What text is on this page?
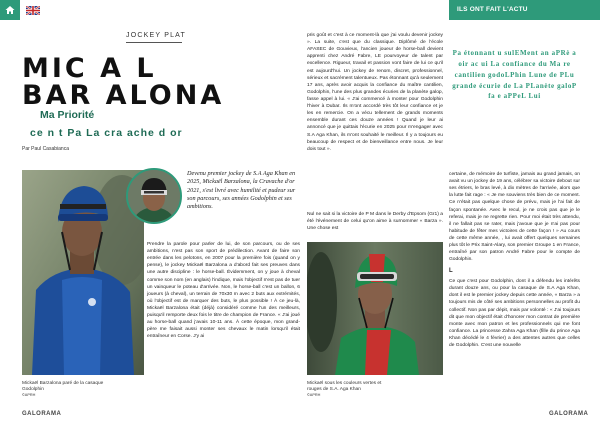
ILS ONT FAIT L'ACTU
JOCKEY PLAT
MIC A L
BAR ALONA
Ma Priorité
ce n t Pa La cra ache d or
Par Paul Casabianca
Mickaël Barzalona paré de la casaque Godolphin
©APRH
Devenu premier jockey de S.A Aga Khan en 2025, Mickaël Barzalona, la Cravache d'or 2021, s'est livré avec humilité et pudeur sur son parcours, ses années Godolphin et ses ambitions.
Prendre la parole pour parler de lui, de son parcours, ou de ses ambitions, n'est pas son sport de prédilection. Avant de faire son entrée dans les pelotons, en 2007 pour la première fois (quand on y pense), le jockey Mickaël Barzalona a d'abord fait ses preuves dans une autre discipline : le horse-ball. Évidemment, on y joue à cheval comme son nom (en anglais) l'indique, mais l'objectif n'est pas de tuer un vainqueur le poteau d'arrivée. Non, le horse-ball c'est un ballon, 6 joueurs (à cheval), un terrain de 70x30 m avec 2 buts aux extrémités, où l'objectif est de marquer des buts, le plus possible ! À ce jeu-là, Mickaël Barzalona était (déjà) considéré comme l'un des meilleurs, puisqu'il remporte deux fois le titre de champion de France. « J'ai joué au horse-ball quand j'avais 10-11 ans. À cette époque, mon grand-père me faisait aussi monter ses chevaux le matin lorsqu'il était entraîneur en Corse. J'y ai
GALORAMA
pris goût et c'est à ce moment-là que j'ai voulu devenir jockey ». La suite, c'est que du classique. Diplômé de l'école AFASEC de Gouvieux, l'ancien joueur de horse-ball devient apprenti chez André Fabre, LE pourvoyeur de talent par excellence. Rigueur, travail et passion vont faire de lui ce qu'il est aujourd'hui. Un jockey de renom, discret, professionnel, sérieux et sacrément talentueux. Pas étonnant qu'à seulement 17 ans, après avoir acquis la confiance du maître cantilien, Godolphin, l'une des plus grandes écuries de la planète galop, fasse appel à lui. « J'ai commencé à monter pour Godolphin l'hiver à Dubaï. Ils m'ont accordé très tôt leur confiance et je les en remercie. On a vécu tellement de grands moments ensemble durant ces douze années ! Quand je leur ai annoncé que je quittais l'écurie en 2025 pour m'engager avec S.A Aga Khan, ils m'ont souhaité le meilleur. Il y a toujours eu beaucoup de respect et de bienveillance entre nous. Je leur dois tout ».
Nul ne sait si la victoire de P M dans le Derby d'Epsom (Gr1) a été l'événement de celui qu'on aime à surnommer « Barza ». Une chose est
Pa étonnant u sulEMent an aPRè a oir ac ui La confiance du Ma re cantilien godoLPhin Lune de PLu grande écurie de La PLanète galoP fa e aPPeL Lui
certaine, de mémoire de turfiste, jamais au grand jamais, on avait vu un jockey de 19 ans, célébrer sa victoire debout sur ses étriers, le bras levé, à dix mètres de l'arrivée, alors que la lutte fait rage : « Je me souviens très bien de ce moment. Ce n'était pas quelque chose de prévu, mais je l'ai fait de façon spontanée. Avec le recul, je ne crois pas que je le referai, mais je ne regrette rien. Pour moi était très attendu, il ne fallait pas se rater, mais j'avoue que je n'ai pas pour habitude de fêter mes victoires de cette façon ! » Au cours de cette même année, , lui avait offert quelques semaines plus tôt le Prix Saint-Alary, son premier Groupe 1 en France, entraîné par son patron André Fabre pour le compte de Godolphin.
L
Ce que c'est pour Godolphin, dont il a défendu les intérêts durant douze ans, ou pour la casaque de S.A Aga Khan, dont il est le premier jockey depuis cette année, « Barza » a toujours mis de côté ses ambitions personnelles au profit du collectif. Non pas par dépit, mais par volonté : « J'ai toujours dit que mon objectif était d'honorer mon contrat de première monte avec mon patron et les professionnels qui me font confiance. La princesse Zahra Aga Khan (fille du prince Aga Khan décédé le 4 février) a des attentes autres que celles de Godolphin. C'est une nouvelle
Mickaël sous les couleurs vertes et rouges de S.A. Aga Khan
©APRH
GALORAMA
